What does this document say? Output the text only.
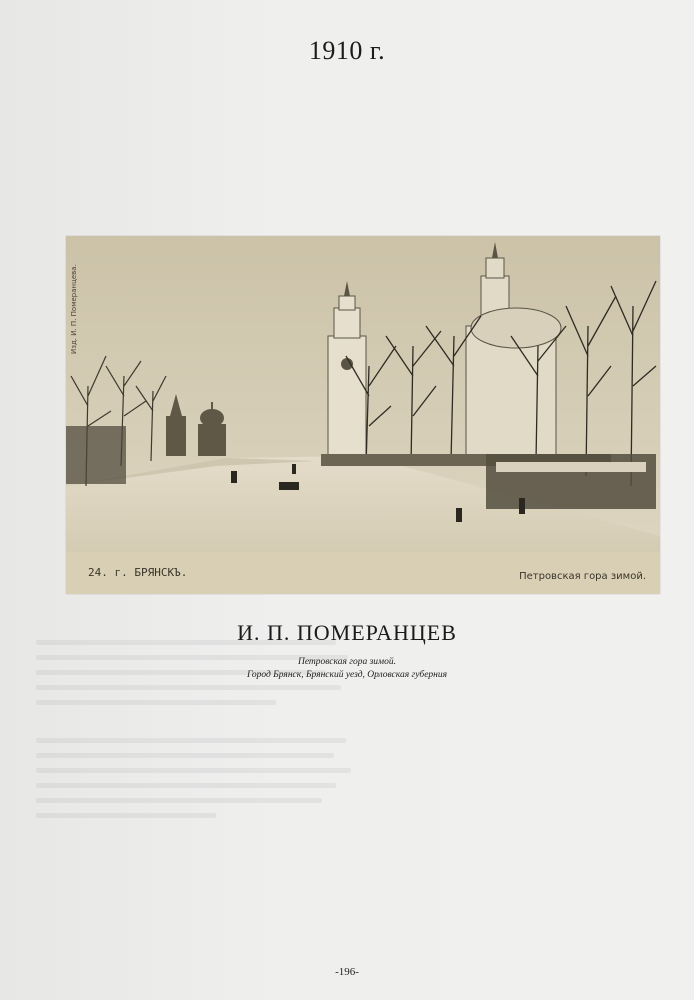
1910 г.
Изд. И. П. Померанцева.
24. г. БРЯНСКЪ.	Петровская гора зимой.
И. П. ПОМЕРАНЦЕВ
Петровская гора зимой.
Город Брянск, Брянский уезд, Орловская губерния
-196-
